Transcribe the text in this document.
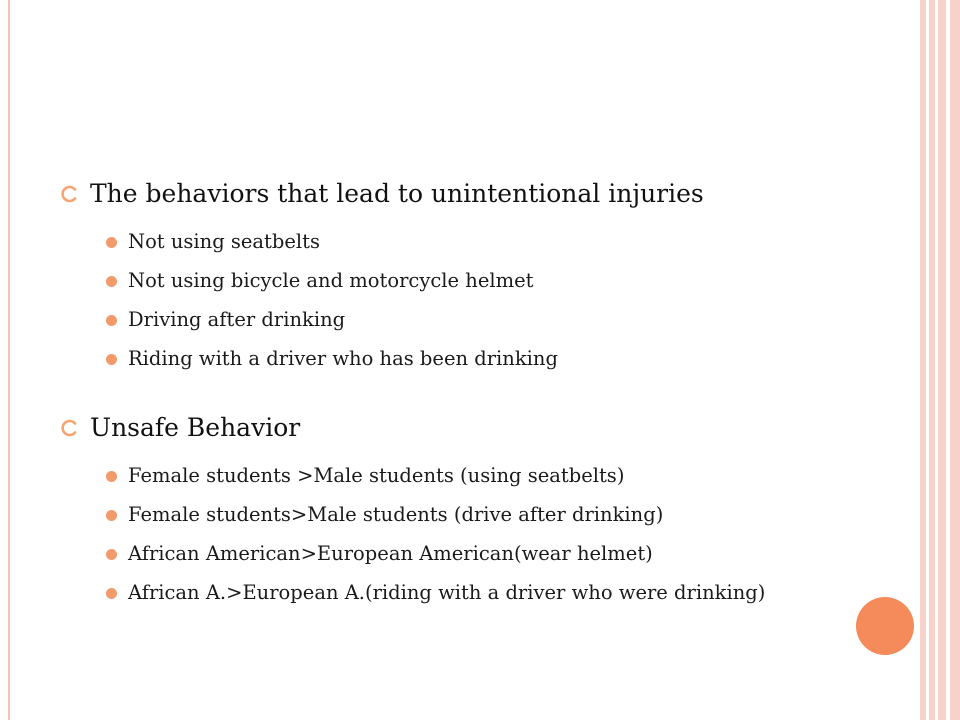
The behaviors that lead to unintentional injuries
Not using seatbelts
Not using bicycle and motorcycle helmet
Driving after drinking
Riding with a driver who has been drinking
Unsafe Behavior
Female students >Male students (using seatbelts)
Female students>Male students (drive after drinking)
African American>European American(wear helmet)
African A.>European A.(riding with a driver who were drinking)
